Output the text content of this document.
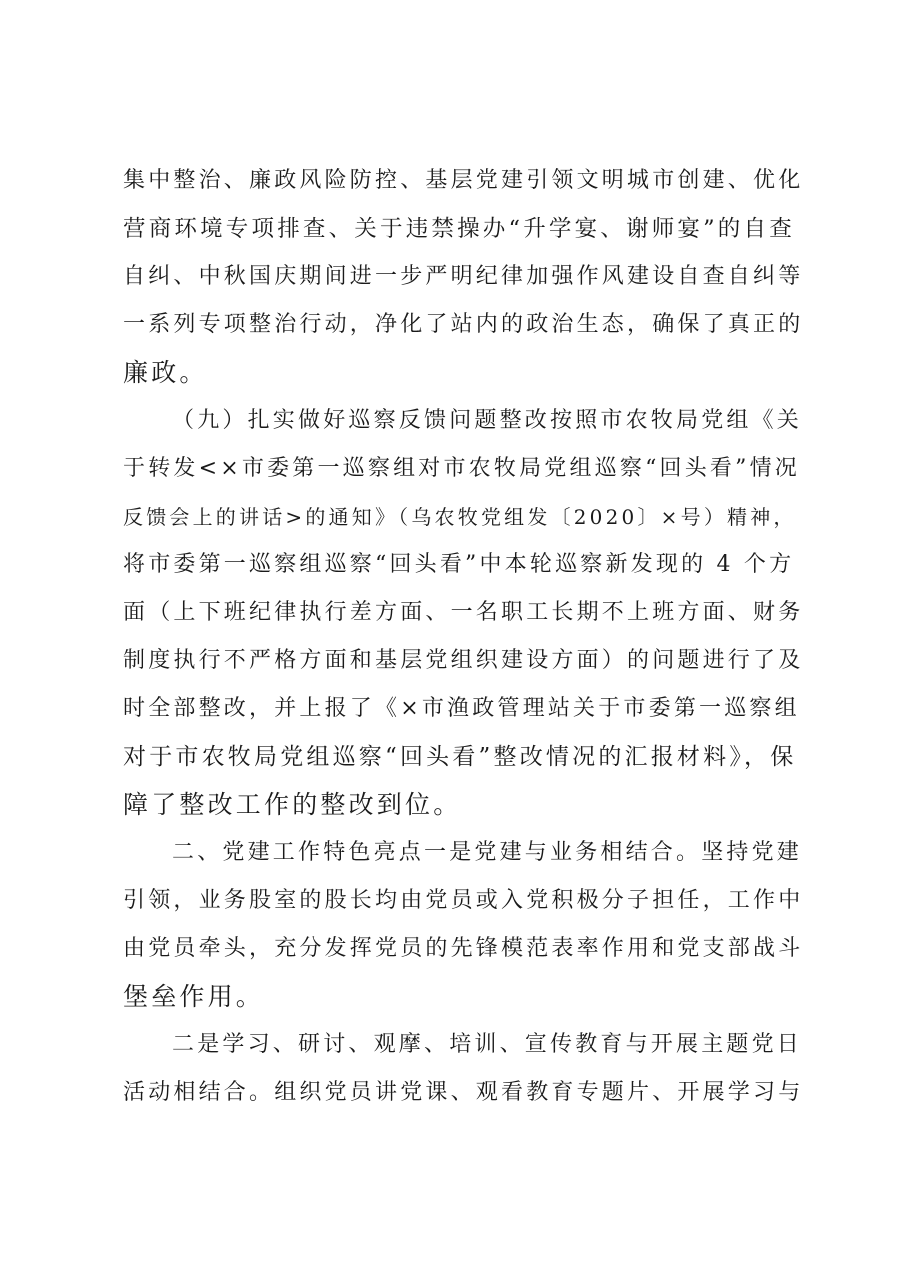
集中整治、廉政风险防控、基层党建引领文明城市创建、优化
营商环境专项排查、关于违禁操办“升学宴、谢师宴”的自查
自纠、中秋国庆期间进一步严明纪律加强作风建设自查自纠等
一系列专项整治行动，净化了站内的政治生态，确保了真正的
廉政。
（九）扎实做好巡察反馈问题整改按照市农牧局党组《关
于转发<×市委第一巡察组对市农牧局党组巡察“回头看”情况
反馈会上的讲话>的通知》（乌农牧党组发〔2020〕×号）精神，
将市委第一巡察组巡察“回头看”中本轮巡察新发现的 4 个方
面（上下班纪律执行差方面、一名职工长期不上班方面、财务
制度执行不严格方面和基层党组织建设方面）的问题进行了及
时全部整改，并上报了《×市渔政管理站关于市委第一巡察组
对于市农牧局党组巡察“回头看”整改情况的汇报材料》，保
障了整改工作的整改到位。
二、党建工作特色亮点一是党建与业务相结合。坚持党建
引领，业务股室的股长均由党员或入党积极分子担任，工作中
由党员牵头，充分发挥党员的先锋模范表率作用和党支部战斗
堡垒作用。
二是学习、研讨、观摩、培训、宣传教育与开展主题党日
活动相结合。组织党员讲党课、观看教育专题片、开展学习与
